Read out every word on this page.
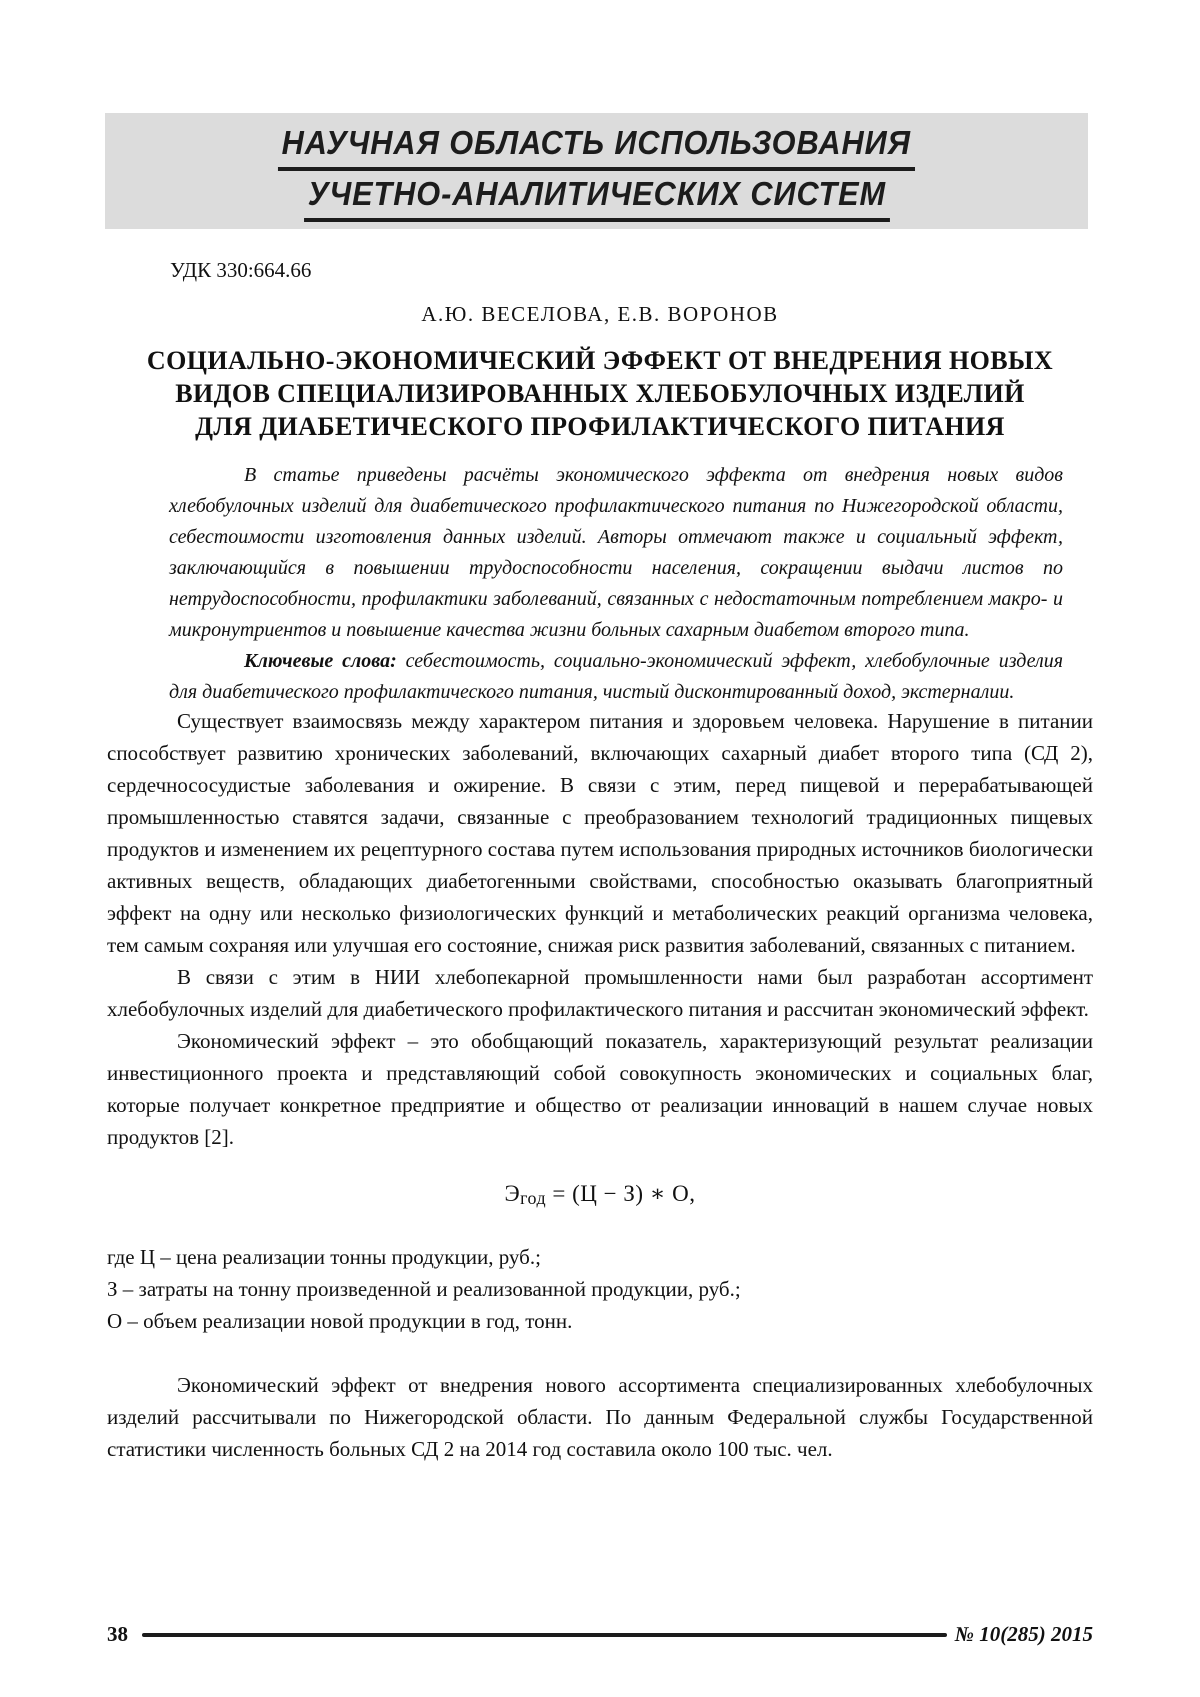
НАУЧНАЯ ОБЛАСТЬ ИСПОЛЬЗОВАНИЯ
УЧЕТНО-АНАЛИТИЧЕСКИХ СИСТЕМ
УДК 330:664.66
А.Ю. ВЕСЕЛОВА, Е.В. ВОРОНОВ
СОЦИАЛЬНО-ЭКОНОМИЧЕСКИЙ ЭФФЕКТ ОТ ВНЕДРЕНИЯ НОВЫХ
ВИДОВ СПЕЦИАЛИЗИРОВАННЫХ ХЛЕБОБУЛОЧНЫХ ИЗДЕЛИЙ
ДЛЯ ДИАБЕТИЧЕСКОГО ПРОФИЛАКТИЧЕСКОГО ПИТАНИЯ

В статье приведены расчёты экономического эффекта от внедрения новых видов хлебобулочных изделий для диабетического профилактического питания по Нижегородской области, себестоимости изготовления данных изделий. Авторы отмечают также и социальный эффект, заключающийся в повышении трудоспособности населения, сокращении выдачи листов по нетрудоспособности, профилактики заболеваний, связанных с недостаточным потреблением макро- и микронутриентов и повышение качества жизни больных сахарным диабетом второго типа.

Ключевые слова: себестоимость, социально-экономический эффект, хлебобулочные изделия для диабетического профилактического питания, чистый дисконтированный доход, экстерналии.

Существует взаимосвязь между характером питания и здоровьем человека. Нарушение в питании способствует развитию хронических заболеваний, включающих сахарный диабет второго типа (СД 2), сердечнососудистые заболевания и ожирение. В связи с этим, перед пищевой и перерабатывающей промышленностью ставятся задачи, связанные с преобразованием технологий традиционных пищевых продуктов и изменением их рецептурного состава путем использования природных источников биологически активных веществ, обладающих диабетогенными свойствами, способностью оказывать благоприятный эффект на одну или несколько физиологических функций и метаболических реакций организма человека, тем самым сохраняя или улучшая его состояние, снижая риск развития заболеваний, связанных с питанием.

В связи с этим в НИИ хлебопекарной промышленности нами был разработан ассортимент хлебобулочных изделий для диабетического профилактического питания и рассчитан экономический эффект.

Экономический эффект – это обобщающий показатель, характеризующий результат реализации инвестиционного проекта и представляющий собой совокупность экономических и социальных благ, которые получает конкретное предприятие и общество от реализации инноваций в нашем случае новых продуктов [2].

$Э_{год} = (Ц - З)$ ∗ О,

где Ц – цена реализации тонны продукции, руб.;

З – затраты на тонну произведенной и реализованной продукции, руб.;

О – объем реализации новой продукции в год, тонн.

Экономический эффект от внедрения нового ассортимента специализированных хлебобулочных изделий рассчитывали по Нижегородской области. По данным Федеральной службы Государственной статистики численность больных СД 2 на 2014 год составила около 100 тыс. чел.

38	№ 10(285) 2015
